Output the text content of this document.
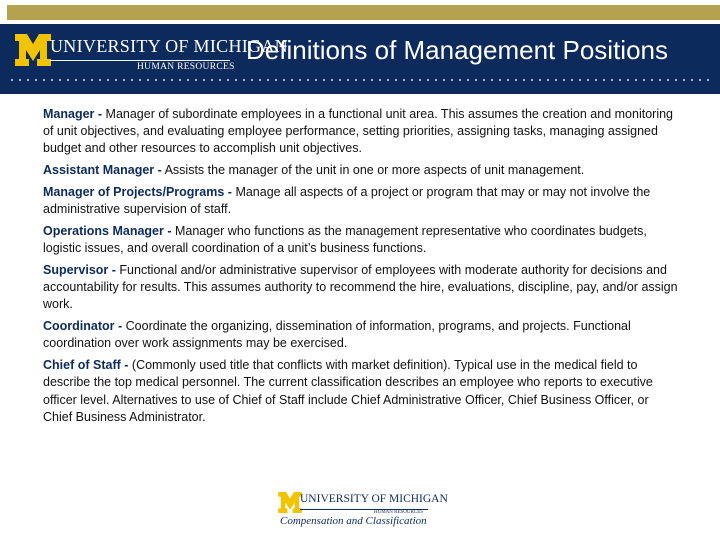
UNIVERSITY OF MICHIGAN
HUMAN RESOURCES
Definitions of Management Positions

Manager - Manager of subordinate employees in a functional unit area. This assumes the creation and monitoring of unit objectives, and evaluating employee performance, setting priorities, assigning tasks, managing assigned budget and other resources to accomplish unit objectives.

Assistant Manager - Assists the manager of the unit in one or more aspects of unit management.

Manager of Projects/Programs - Manage all aspects of a project or program that may or may not involve the administrative supervision of staff.

Operations Manager - Manager who functions as the management representative who coordinates budgets, logistic issues, and overall coordination of a unit’s business functions.

Supervisor - Functional and/or administrative supervisor of employees with moderate authority for decisions and accountability for results. This assumes authority to recommend the hire, evaluations, discipline, pay, and/or assign work.

Coordinator - Coordinate the organizing, dissemination of information, programs, and projects. Functional coordination over work assignments may be exercised.

Chief of Staff - (Commonly used title that conflicts with market definition). Typical use in the medical field to describe the top medical personnel. The current classification describes an employee who reports to executive officer level. Alternatives to use of Chief of Staff include Chief Administrative Officer, Chief Business Officer, or Chief Business Administrator.

UNIVERSITY OF MICHIGAN
HUMAN RESOURCES
Compensation and Classification
